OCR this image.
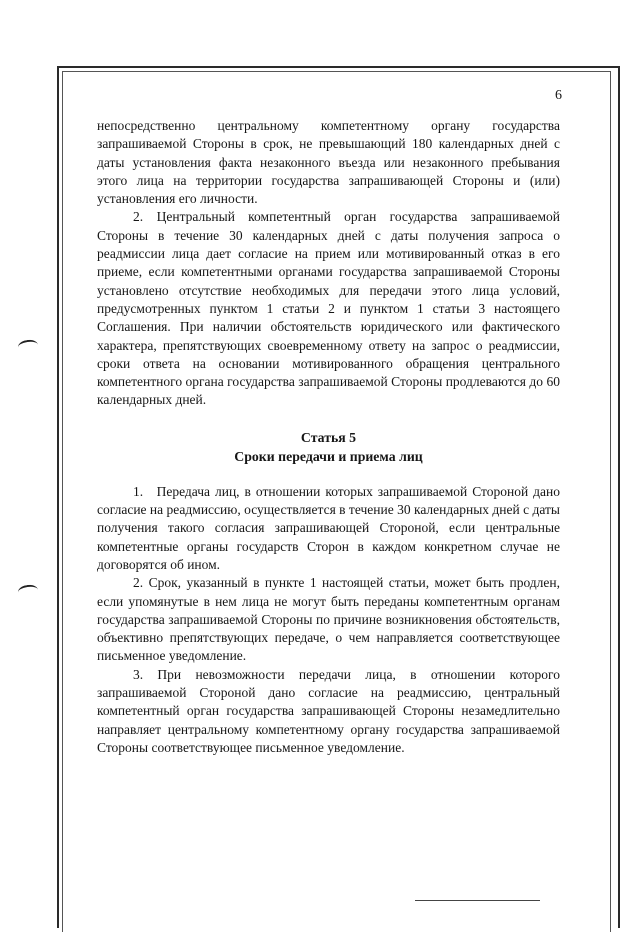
6

непосредственно центральному компетентному органу государства запрашиваемой Стороны в срок, не превышающий 180 календарных дней с даты установления факта незаконного въезда или незаконного пребывания этого лица на территории государства запрашивающей Стороны и (или) установления его личности.

2. Центральный компетентный орган государства запрашиваемой Стороны в течение 30 календарных дней с даты получения запроса о реадмиссии лица дает согласие на прием или мотивированный отказ в его приеме, если компетентными органами государства запрашиваемой Стороны установлено отсутствие необходимых для передачи этого лица условий, предусмотренных пунктом 1 статьи 2 и пунктом 1 статьи 3 настоящего Соглашения. При наличии обстоятельств юридического или фактического характера, препятствующих своевременному ответу на запрос о реадмиссии, сроки ответа на основании мотивированного обращения центрального компетентного органа государства запрашиваемой Стороны продлеваются до 60 календарных дней.

Статья 5

Сроки передачи и приема лиц

1. Передача лиц, в отношении которых запрашиваемой Стороной дано согласие на реадмиссию, осуществляется в течение 30 календарных дней с даты получения такого согласия запрашивающей Стороной, если центральные компетентные органы государств Сторон в каждом конкретном случае не договорятся об ином.

2. Срок, указанный в пункте 1 настоящей статьи, может быть продлен, если упомянутые в нем лица не могут быть переданы компетентным органам государства запрашиваемой Стороны по причине возникновения обстоятельств, объективно препятствующих передаче, о чем направляется соответствующее письменное уведомление.

3. При невозможности передачи лица, в отношении которого запрашиваемой Стороной дано согласие на реадмиссию, центральный компетентный орган государства запрашивающей Стороны незамедлительно направляет центральному компетентному органу государства запрашиваемой Стороны соответствующее письменное уведомление.
